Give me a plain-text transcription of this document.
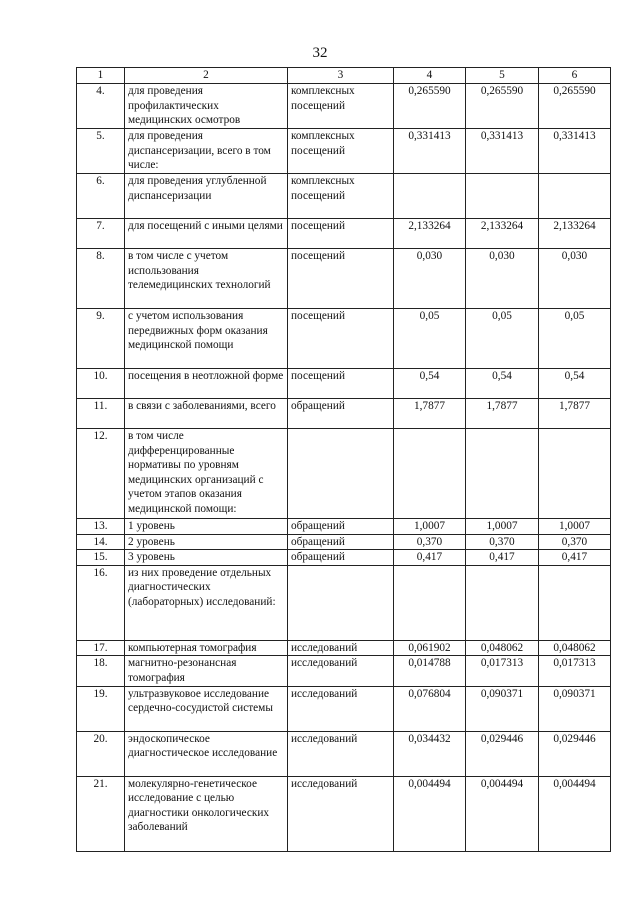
32
1	2	3	4	5	6
4.	для проведения профилактических медицинских осмотров	комплексных посещений	0,265590	0,265590	0,265590
5.	для проведения диспансеризации, всего в том числе:	комплексных посещений	0,331413	0,331413	0,331413
6.	для проведения углубленной диспансеризации	комплексных посещений			
7.	для посещений с иными целями	посещений	2,133264	2,133264	2,133264
8.	в том числе с учетом использования телемедицинских технологий	посещений	0,030	0,030	0,030
9.	с учетом использования передвижных форм оказания медицинской помощи	посещений	0,05	0,05	0,05
10.	посещения в неотложной форме	посещений	0,54	0,54	0,54
11.	в связи с заболеваниями, всего	обращений	1,7877	1,7877	1,7877
12.	в том числе дифференцированные нормативы по уровням медицинских организаций с учетом этапов оказания медицинской помощи:				
13.	1 уровень	обращений	1,0007	1,0007	1,0007
14.	2 уровень	обращений	0,370	0,370	0,370
15.	3 уровень	обращений	0,417	0,417	0,417
16.	из них проведение отдельных диагностических (лабораторных) исследований:				
17.	компьютерная томография	исследований	0,061902	0,048062	0,048062
18.	магнитно-резонансная томография	исследований	0,014788	0,017313	0,017313
19.	ультразвуковое исследование сердечно-сосудистой системы	исследований	0,076804	0,090371	0,090371
20.	эндоскопическое диагностическое исследование	исследований	0,034432	0,029446	0,029446
21.	молекулярно-генетическое исследование с целью диагностики онкологических заболеваний	исследований	0,004494	0,004494	0,004494
